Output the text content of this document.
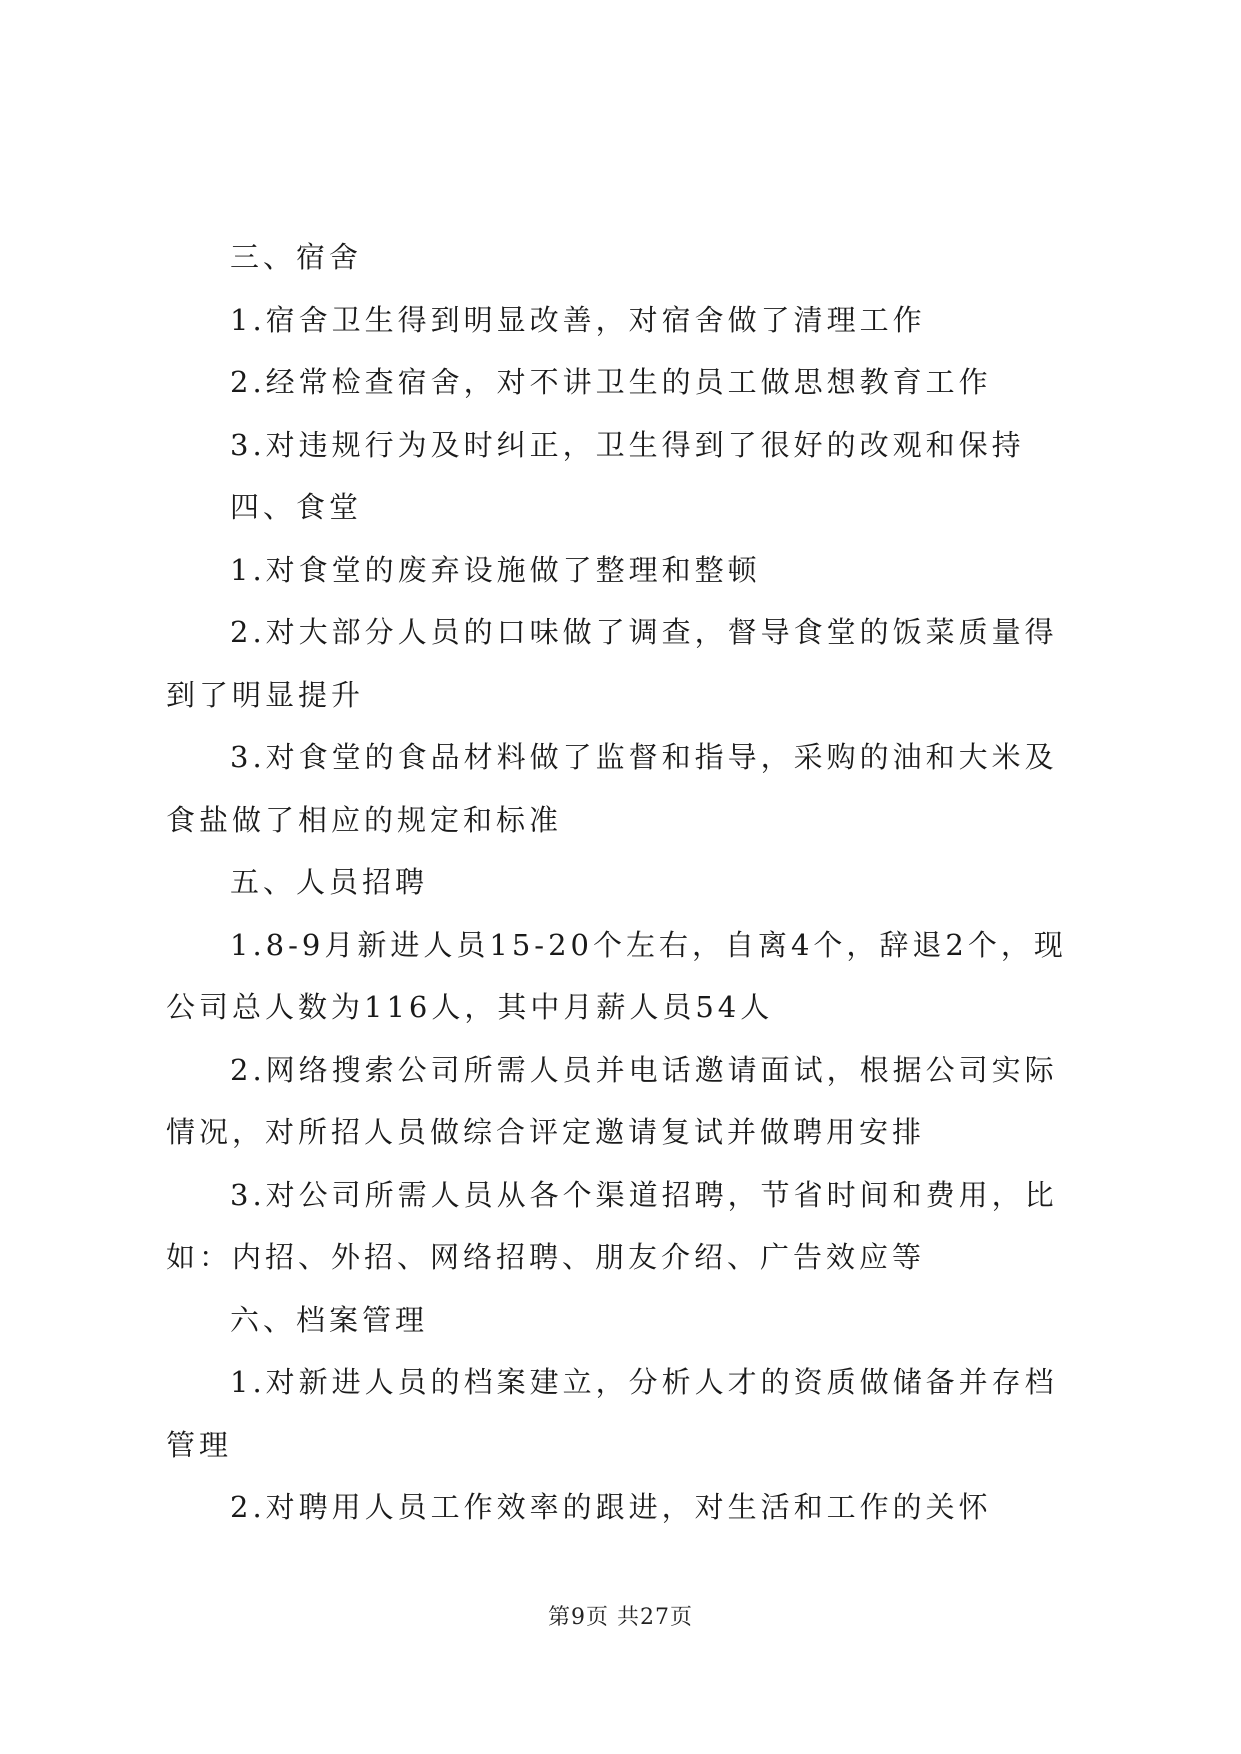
三、宿舍

1.宿舍卫生得到明显改善，对宿舍做了清理工作

2.经常检查宿舍，对不讲卫生的员工做思想教育工作

3.对违规行为及时纠正，卫生得到了很好的改观和保持

四、食堂

1.对食堂的废弃设施做了整理和整顿

2.对大部分人员的口味做了调查，督导食堂的饭菜质量得到了明显提升

3.对食堂的食品材料做了监督和指导，采购的油和大米及食盐做了相应的规定和标准

五、人员招聘

1.8-9月新进人员15-20个左右，自离4个，辞退2个，现公司总人数为116人，其中月薪人员54人

2.网络搜索公司所需人员并电话邀请面试，根据公司实际情况，对所招人员做综合评定邀请复试并做聘用安排

3.对公司所需人员从各个渠道招聘，节省时间和费用，比如：内招、外招、网络招聘、朋友介绍、广告效应等

六、档案管理

1.对新进人员的档案建立，分析人才的资质做储备并存档管理

2.对聘用人员工作效率的跟进，对生活和工作的关怀

第9页 共27页
